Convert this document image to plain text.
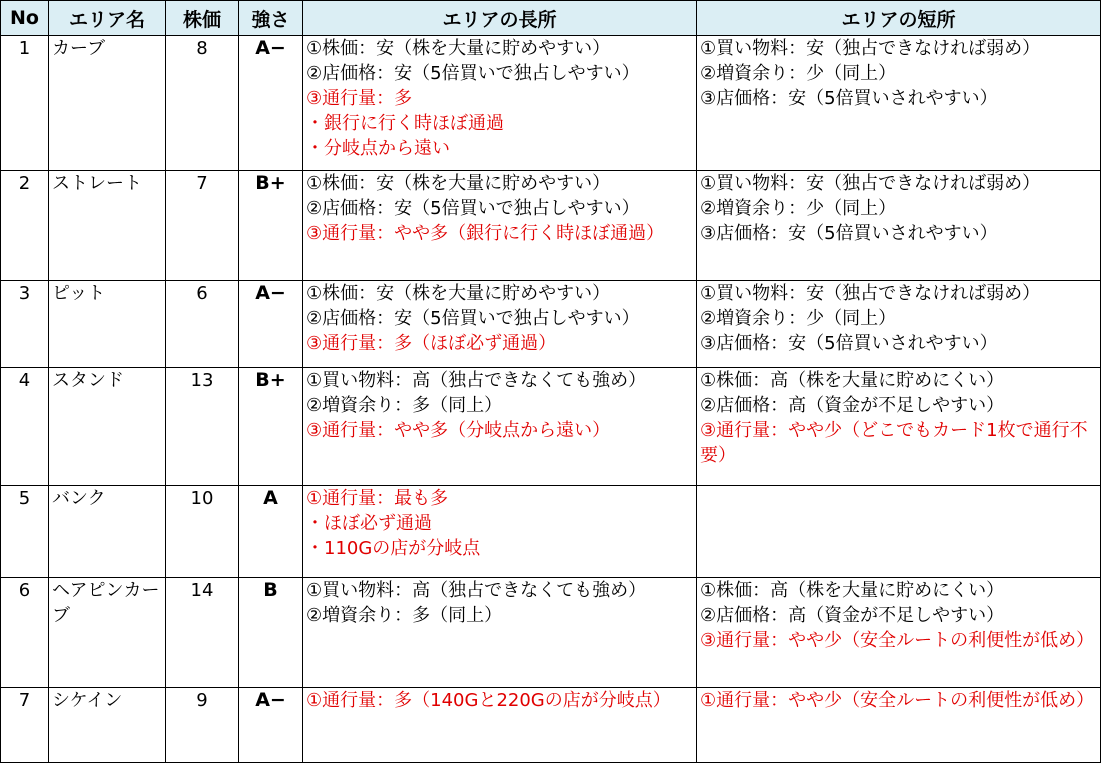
No	エリア名	株価	強さ	エリアの長所	エリアの短所
1	カーブ	8	A−	①株価：安（株を大量に貯めやすい）
②店価格：安（5倍買いで独占しやすい）
③通行量：多
・銀行に行く時ほぼ通過
・分岐点から遠い	①買い物料：安（独占できなければ弱め）
②増資余り：少（同上）
③店価格：安（5倍買いされやすい）

2	ストレート	7	B+	①株価：安（株を大量に貯めやすい）
②店価格：安（5倍買いで独占しやすい）
③通行量：やや多（銀行に行く時ほぼ通過）	①買い物料：安（独占できなければ弱め）
②増資余り：少（同上）
③店価格：安（5倍買いされやすい）

3	ピット	6	A−	①株価：安（株を大量に貯めやすい）
②店価格：安（5倍買いで独占しやすい）
③通行量：多（ほぼ必ず通過）	①買い物料：安（独占できなければ弱め）
②増資余り：少（同上）
③店価格：安（5倍買いされやすい）

4	スタンド	13	B+	①買い物料：高（独占できなくても強め）
②増資余り：多（同上）
③通行量：やや多（分岐点から遠い）	①株価：高（株を大量に貯めにくい）
②店価格：高（資金が不足しやすい）
③通行量：やや少（どこでもカード1枚で通行不要）

5	バンク	10	A	①通行量：最も多
・ほぼ必ず通過
・110Gの店が分岐点	

6	ヘアピンカーブ	14	B	①買い物料：高（独占できなくても強め）
②増資余り：多（同上）	①株価：高（株を大量に貯めにくい）
②店価格：高（資金が不足しやすい）
③通行量：やや少（安全ルートの利便性が低め）

7	シケイン	9	A−	①通行量：多（140Gと220Gの店が分岐点）	①通行量：やや少（安全ルートの利便性が低め）
